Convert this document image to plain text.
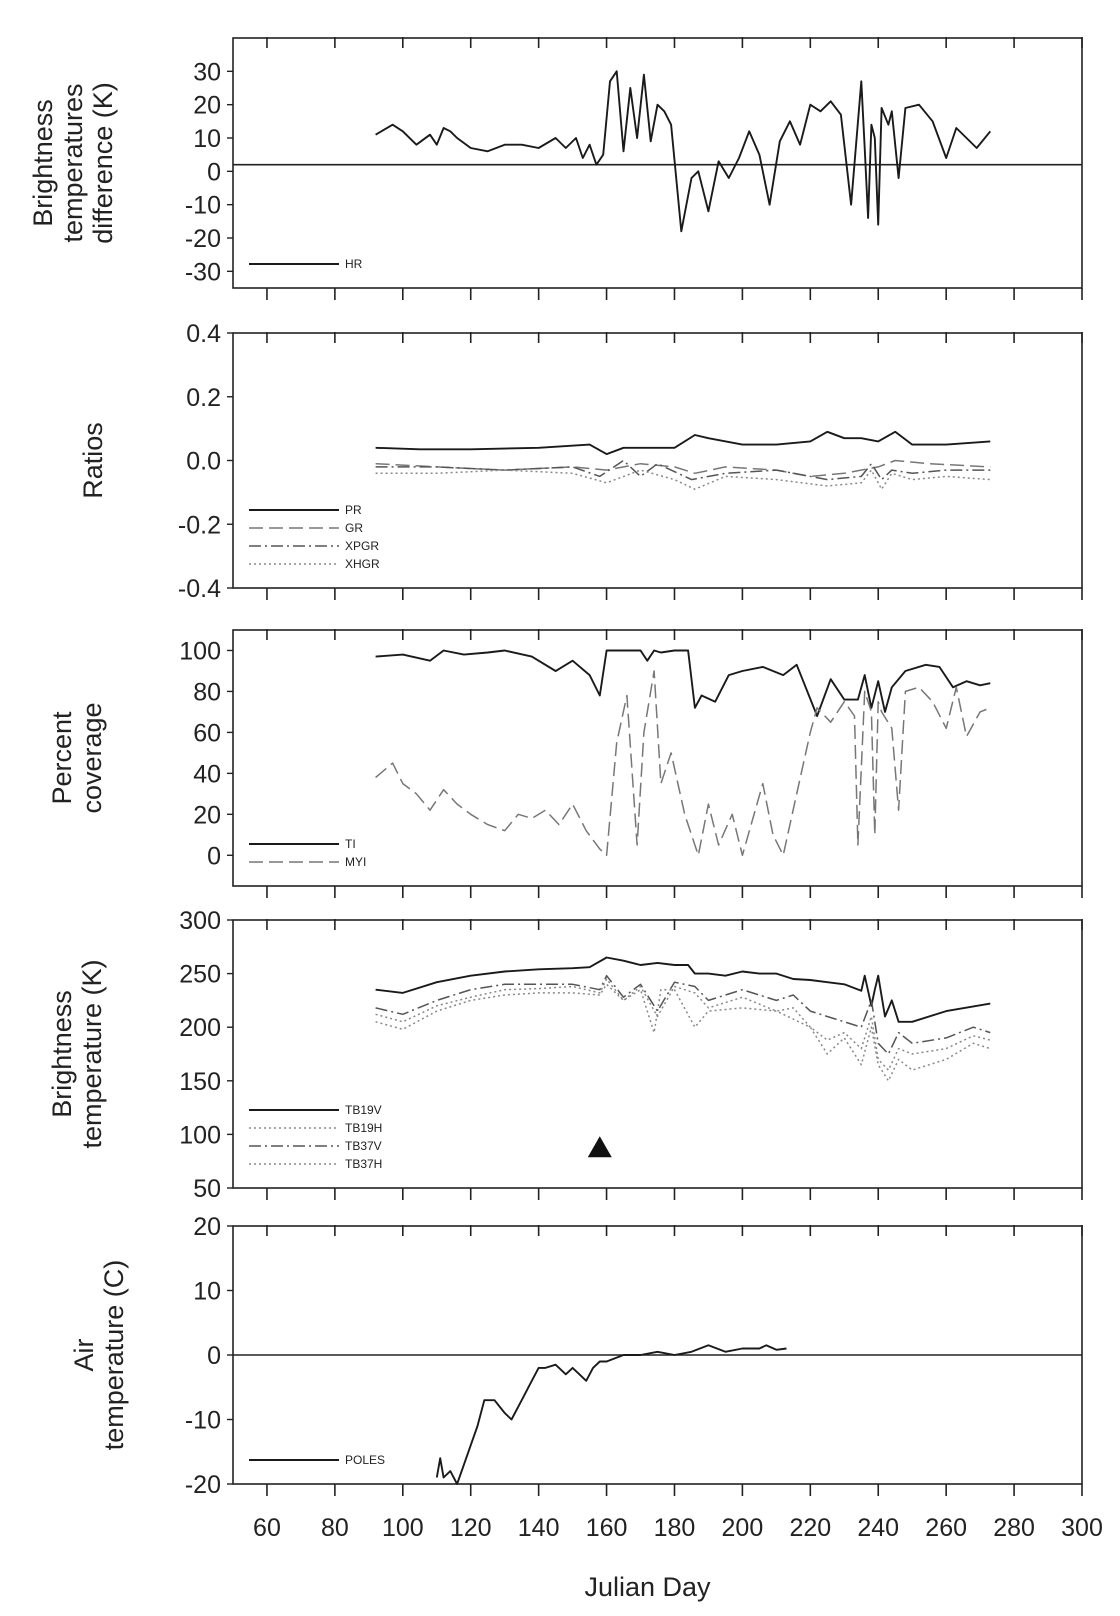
30
20
10
0
-10
-20
-30
Brightness temperatures difference (K)
HR
0.4
0.2
0.0
-0.2
-0.4
Ratios
PR
GR
XPGR
XHGR
100
80
60
40
20
0
Percent coverage
TI
MYI
300
250
200
150
100
50
Brightness temperature (K)	TB19V
TB19H
TB37V
TB37H
20
10
0
-10
-20
Air temperature (C)
POLES
60 80 100 120 140 160 180 200 220 240 260 280 300
Julian Day
